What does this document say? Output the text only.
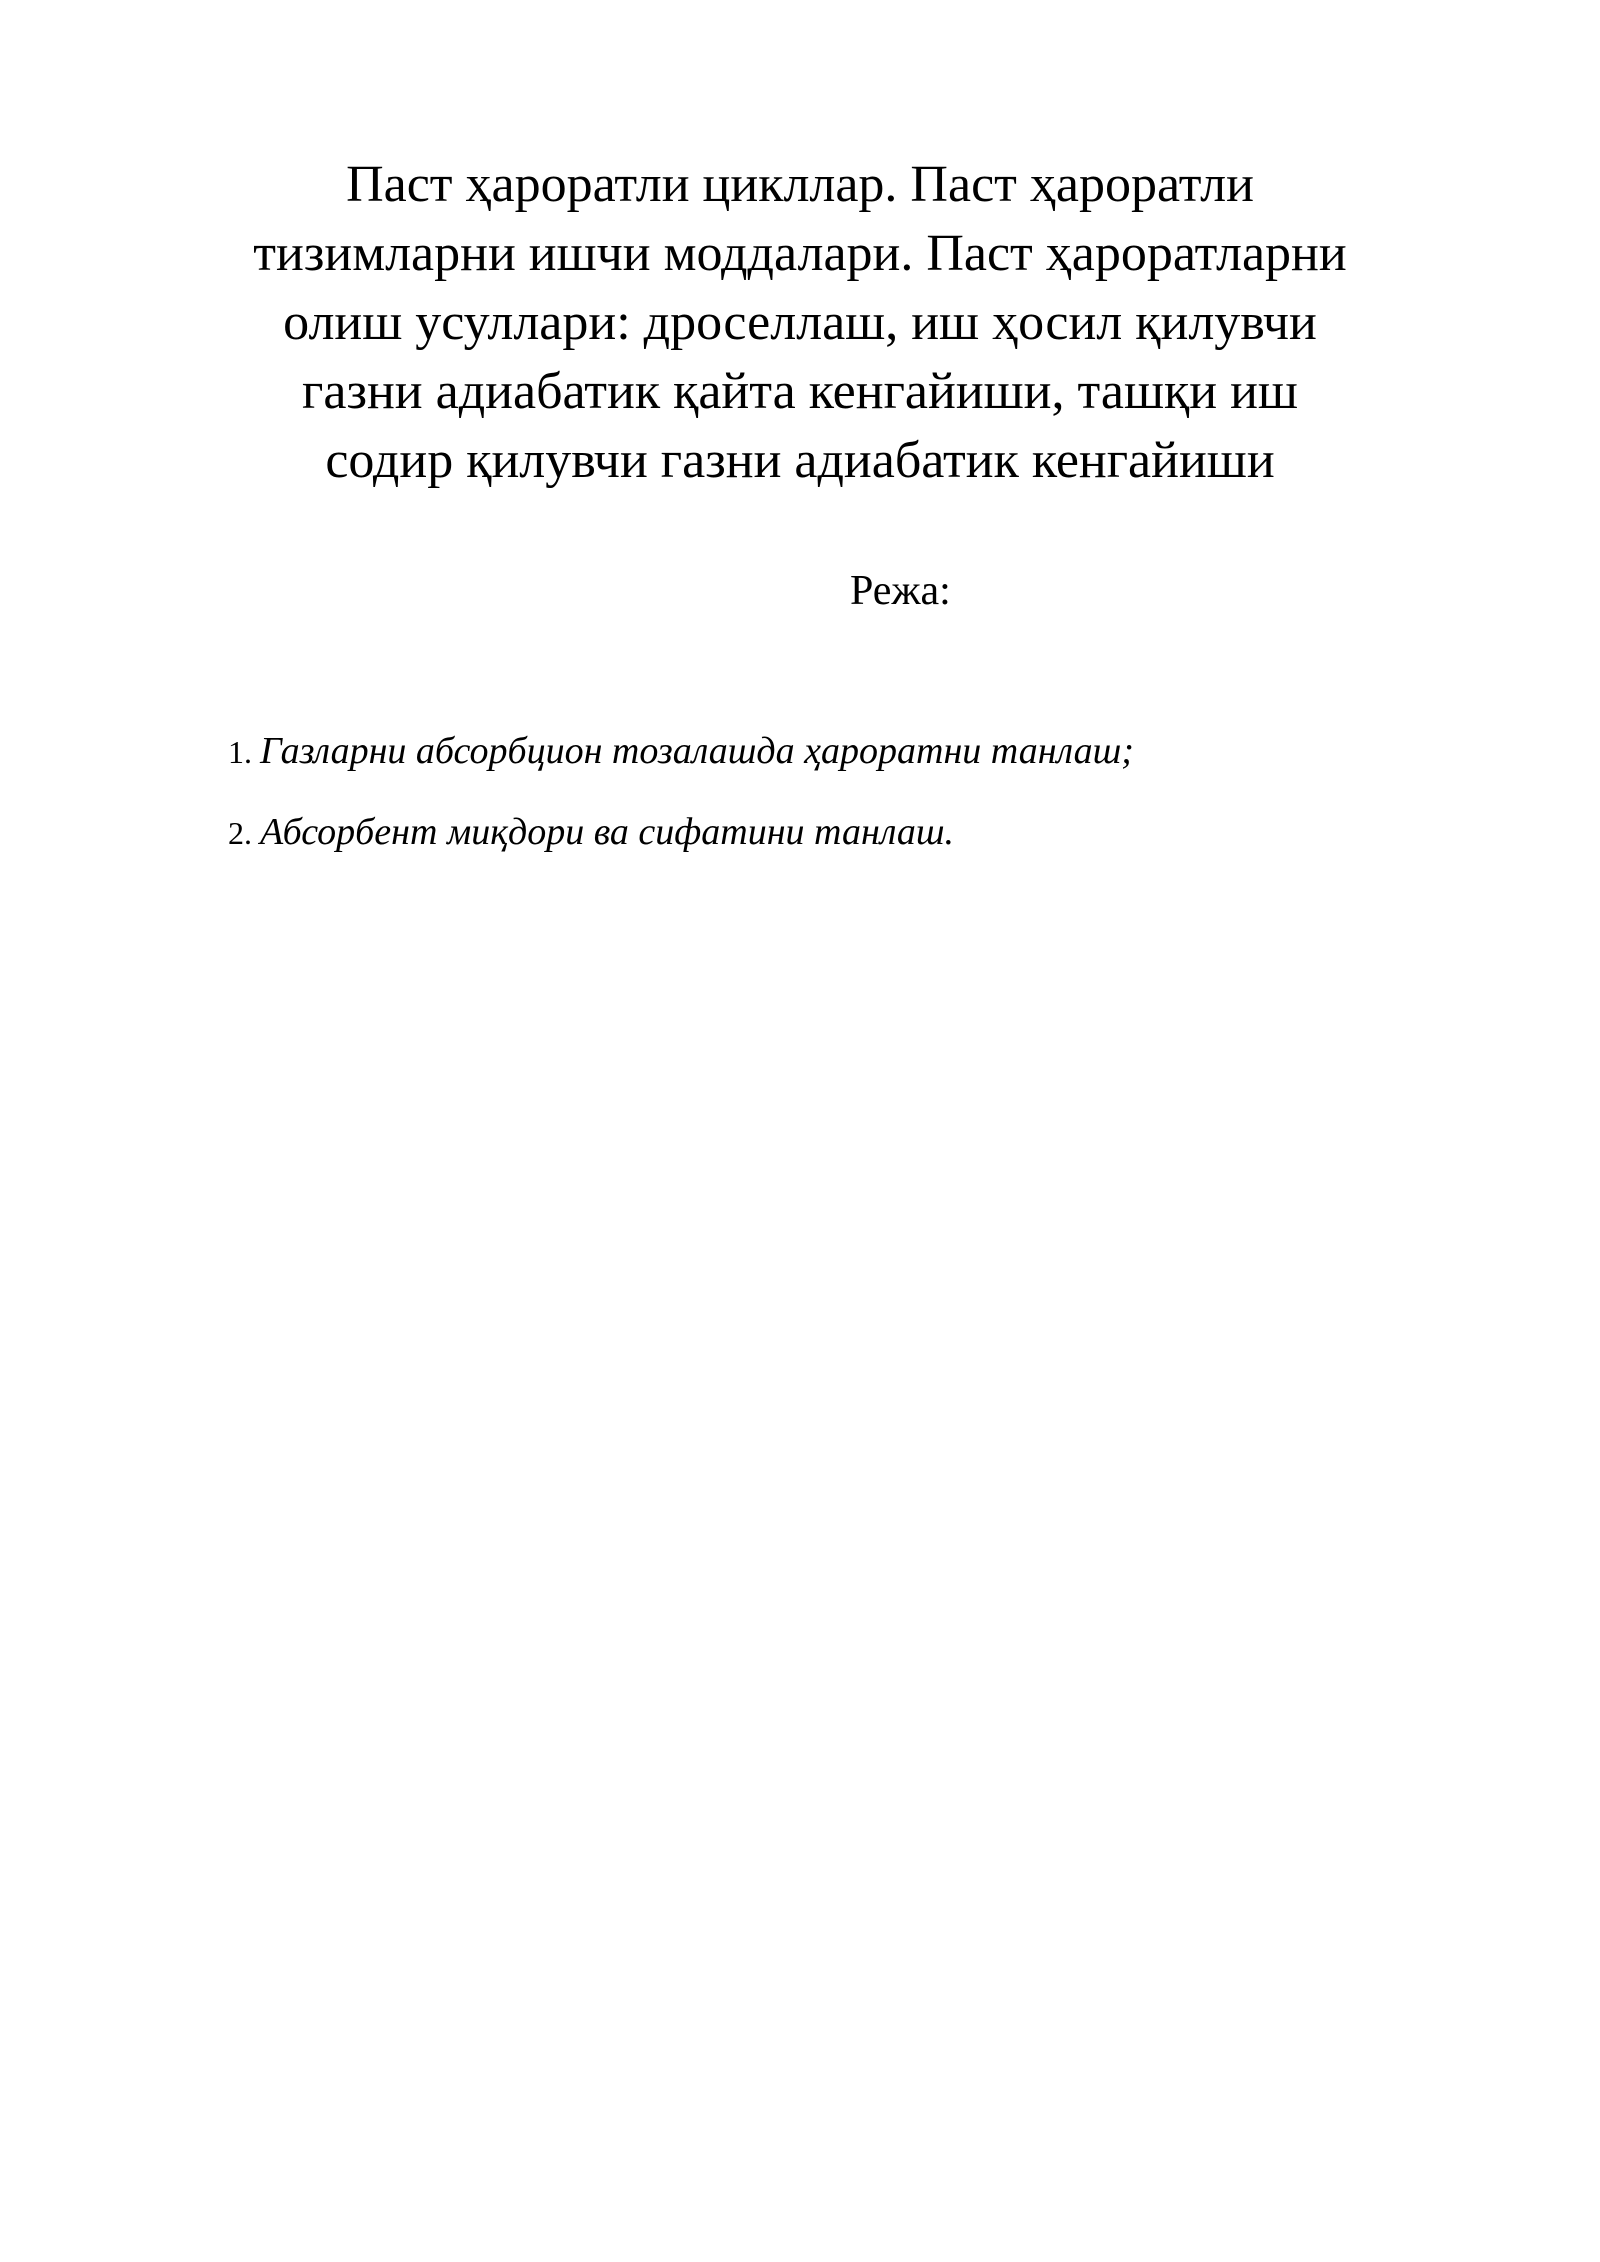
Паст ҳароратли цикллар. Паст ҳароратли
тизимларни ишчи моддалари. Паст ҳароратларни
олиш усуллари: дроселлаш, иш ҳосил қилувчи
газни адиабатик қайта кенгайиши, ташқи иш
содир қилувчи газни адиабатик кенгайиши
Режа:
1. Газларни абсорбцион тозалашда ҳароратни танлаш;
2. Абсорбент миқдори ва сифатини танлаш.
